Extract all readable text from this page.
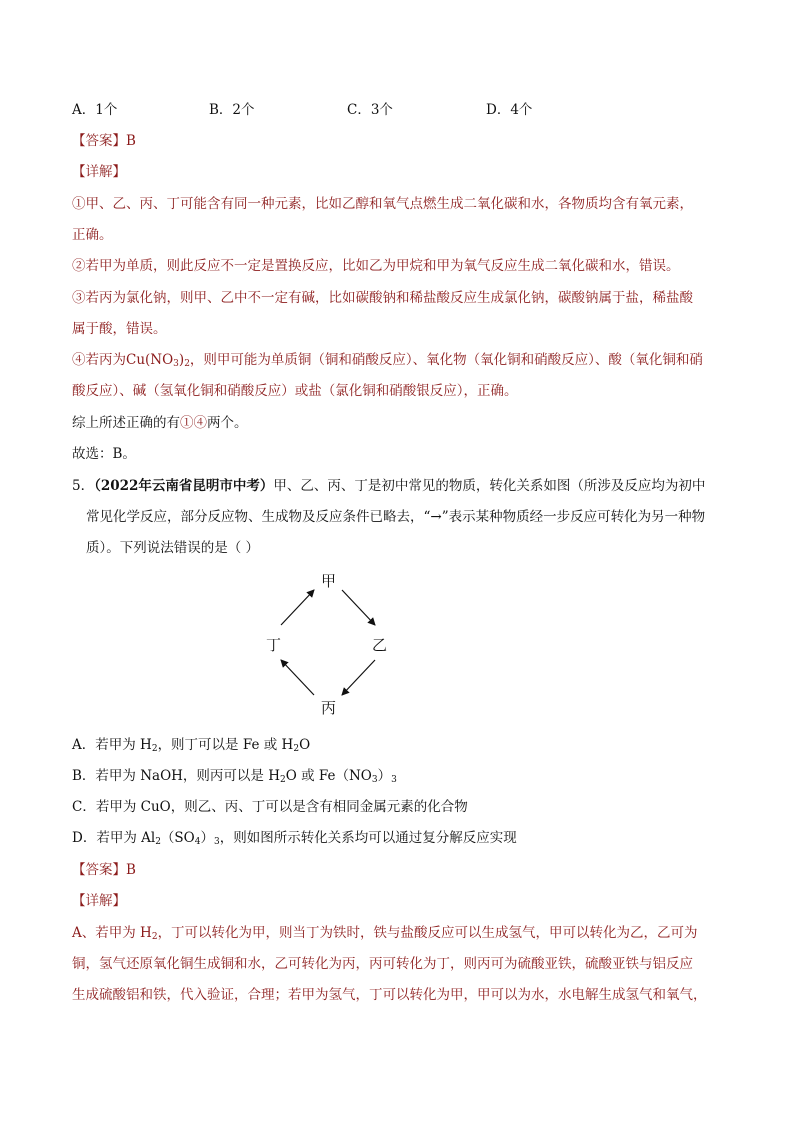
A．1个	B．2个	C．3个	D．4个
【答案】B
【详解】
①甲、乙、丙、丁可能含有同一种元素，比如乙醇和氧气点燃生成二氧化碳和水，各物质均含有氧元素，
正确。
②若甲为单质，则此反应不一定是置换反应，比如乙为甲烷和甲为氧气反应生成二氧化碳和水，错误。
③若丙为氯化钠，则甲、乙中不一定有碱，比如碳酸钠和稀盐酸反应生成氯化钠，碳酸钠属于盐，稀盐酸
属于酸，错误。
④若丙为$Cu(NO_3)_2$，则甲可能为单质铜（铜和硝酸反应）、氧化物（氧化铜和硝酸反应）、酸（氧化铜和硝
酸反应）、碱（氢氧化铜和硝酸反应）或盐（氯化铜和硝酸银反应），正确。
综上所述正确的有①④两个。
故选：B。
5．（2022年云南省昆明市中考）甲、乙、丙、丁是初中常见的物质，转化关系如图（所涉及反应均为初中
常见化学反应，部分反应物、生成物及反应条件已略去，“→”表示某种物质经一步反应可转化为另一种物
质）。下列说法错误的是（ ）
甲
乙
丙
丁
A．若甲为 $H_2$，则丁可以是 Fe 或 $H_2O$
B．若甲为 NaOH，则丙可以是 $H_2O$ 或 $Fe(NO_3)_3$
C．若甲为 CuO，则乙、丙、丁可以是含有相同金属元素的化合物
D．若甲为 $Al_2(SO_4)_3$，则如图所示转化关系均可以通过复分解反应实现
【答案】B
【详解】
A、若甲为 $H_2$，丁可以转化为甲，则当丁为铁时，铁与盐酸反应可以生成氢气，甲可以转化为乙，乙可为
铜，氢气还原氧化铜生成铜和水，乙可转化为丙，丙可转化为丁，则丙可为硫酸亚铁，硫酸亚铁与铝反应
生成硫酸铝和铁，代入验证，合理；若甲为氢气，丁可以转化为甲，甲可以为水，水电解生成氢气和氧气，
